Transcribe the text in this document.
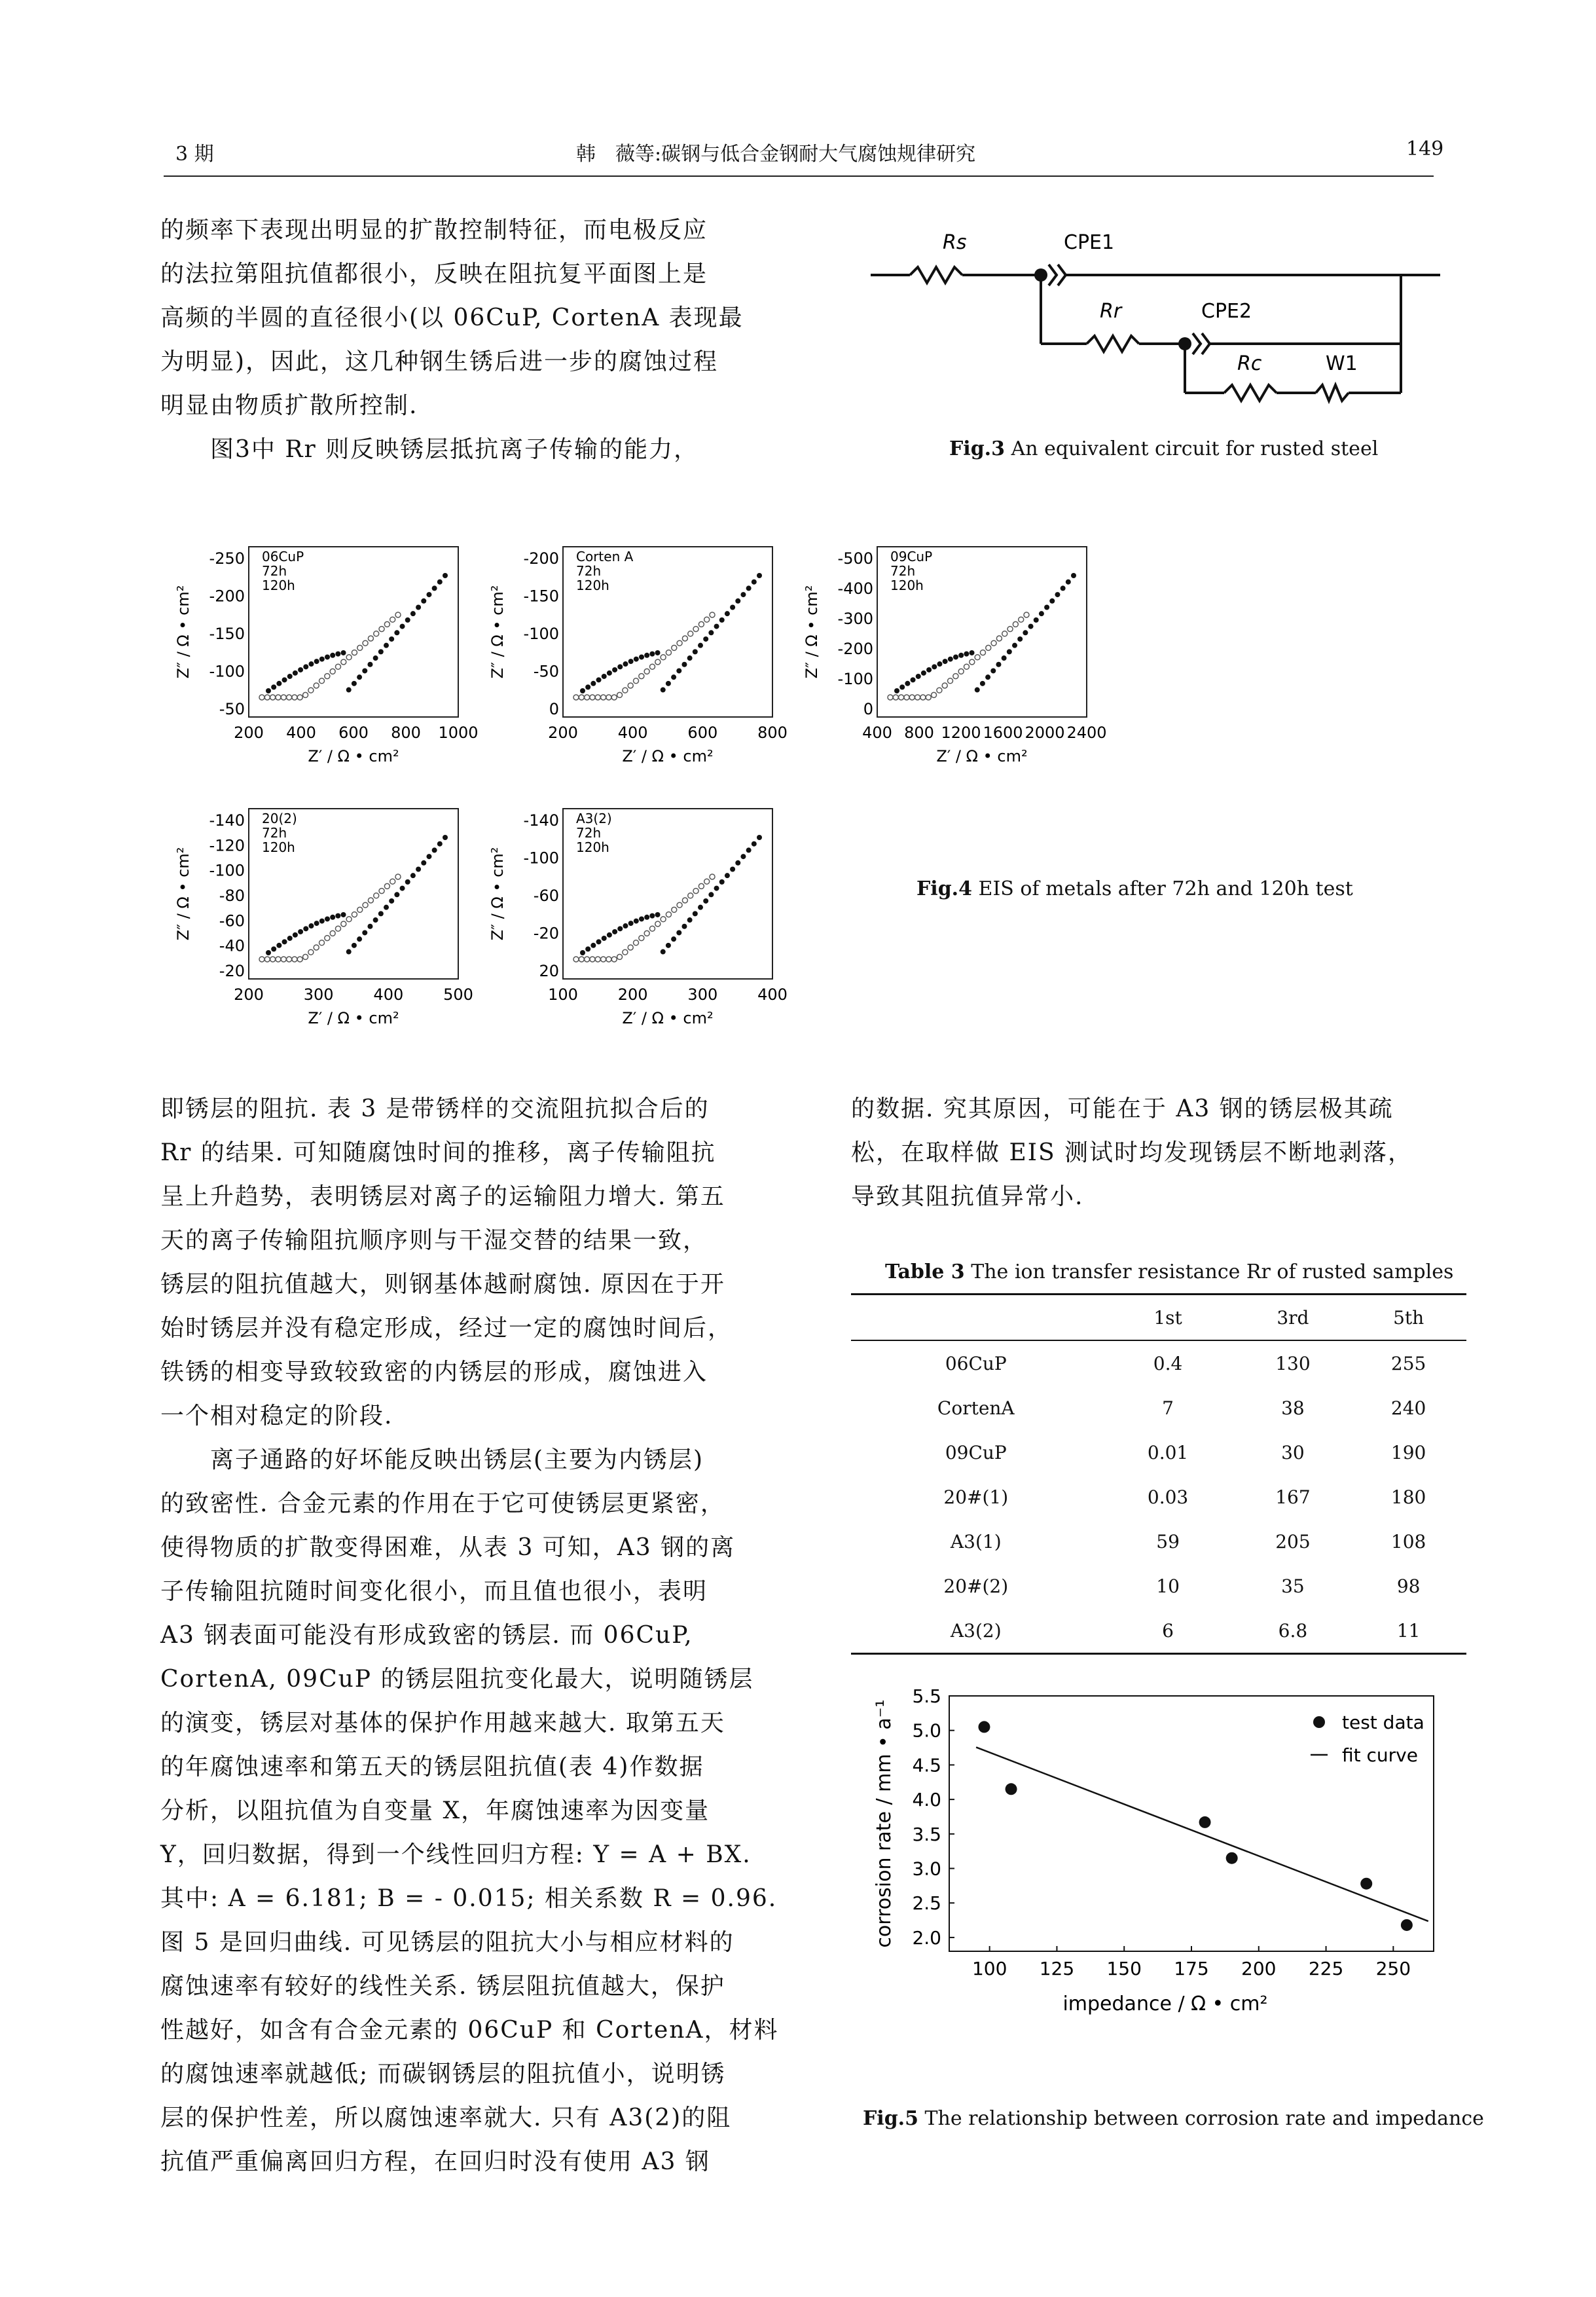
3 期	韩　薇等:碳钢与低合金钢耐大气腐蚀规律研究	149

的频率下表现出明显的扩散控制特征，而电极反应

的法拉第阻抗值都很小，反映在阻抗复平面图上是

高频的半圆的直径很小(以 06CuP, CortenA 表现最

为明显)，因此，这几种钢生锈后进一步的腐蚀过程

明显由物质扩散所控制.

　　图3中 Rr 则反映锈层抵抗离子传输的能力，

Rs	CPE1
Rr	CPE2
Rc	W1
Fig.3 An equivalent circuit for rusted steel
200 400 600 800 1000
-250
-200
-150
-100
-50
06CuP
72h
120h
Z′ / Ω • cm²
Z″ / Ω • cm²
200	400	600	800
-200
-150
-100
-50
0
Corten A
72h
120h
Z′ / Ω • cm²
Z″ / Ω • cm²
400 800 1200 1600 2000 2400
-500
-400
-300
-200
-100
0
09CuP
72h
120h
Z′ / Ω • cm²
Z″ / Ω • cm²
200	300	400	500
-140
-120
-100
-80
-60
-40
-20
20(2)
72h
120h
Z′ / Ω • cm²
Z″ / Ω • cm²
100	200	300	400
-140
-100
-60
-20
20
A3(2)
72h
120h
Z′ / Ω • cm²
Z″ / Ω • cm²	Fig.4 EIS of metals after 72h and 120h test

即锈层的阻抗. 表 3 是带锈样的交流阻抗拟合后的

Rr 的结果. 可知随腐蚀时间的推移，离子传输阻抗

呈上升趋势，表明锈层对离子的运输阻力增大. 第五

天的离子传输阻抗顺序则与干湿交替的结果一致，

锈层的阻抗值越大，则钢基体越耐腐蚀. 原因在于开

始时锈层并没有稳定形成，经过一定的腐蚀时间后，

铁锈的相变导致较致密的内锈层的形成，腐蚀进入

一个相对稳定的阶段.

　　离子通路的好坏能反映出锈层(主要为内锈层)

的致密性. 合金元素的作用在于它可使锈层更紧密，

使得物质的扩散变得困难，从表 3 可知，A3 钢的离

子传输阻抗随时间变化很小，而且值也很小，表明

A3 钢表面可能没有形成致密的锈层. 而 06CuP,

CortenA, 09CuP 的锈层阻抗变化最大，说明随锈层

的演变，锈层对基体的保护作用越来越大. 取第五天

的年腐蚀速率和第五天的锈层阻抗值(表 4)作数据

分析，以阻抗值为自变量 X，年腐蚀速率为因变量

Y，回归数据，得到一个线性回归方程: Y = A + BX.

其中: A = 6.181; B = - 0.015; 相关系数 R = 0.96.

图 5 是回归曲线. 可见锈层的阻抗大小与相应材料的

腐蚀速率有较好的线性关系. 锈层阻抗值越大，保护

性越好，如含有合金元素的 06CuP 和 CortenA，材料

的腐蚀速率就越低; 而碳钢锈层的阻抗值小，说明锈

层的保护性差，所以腐蚀速率就大. 只有 A3(2)的阻

抗值严重偏离回归方程，在回归时没有使用 A3 钢

的数据. 究其原因，可能在于 A3 钢的锈层极其疏

松，在取样做 EIS 测试时均发现锈层不断地剥落，

导致其阻抗值异常小.

Table 3 The ion transfer resistance Rr of rusted samples
	1st	3rd	5th
06CuP	0.4	130	255
CortenA	7	38	240
09CuP	0.01	30	190
20#(1)	0.03	167	180
A3(1)	59	205	108
20#(2)	10	35	98
A3(2)	6	6.8	11
100 125 150 175 200 225 250
2.0
2.5
3.0
3.5
4.0
4.5
5.0
5.5
test data
fit curve
impedance / Ω • cm²
corrosion rate / mm • a⁻¹
Fig.5 The relationship between corrosion rate and impedance
